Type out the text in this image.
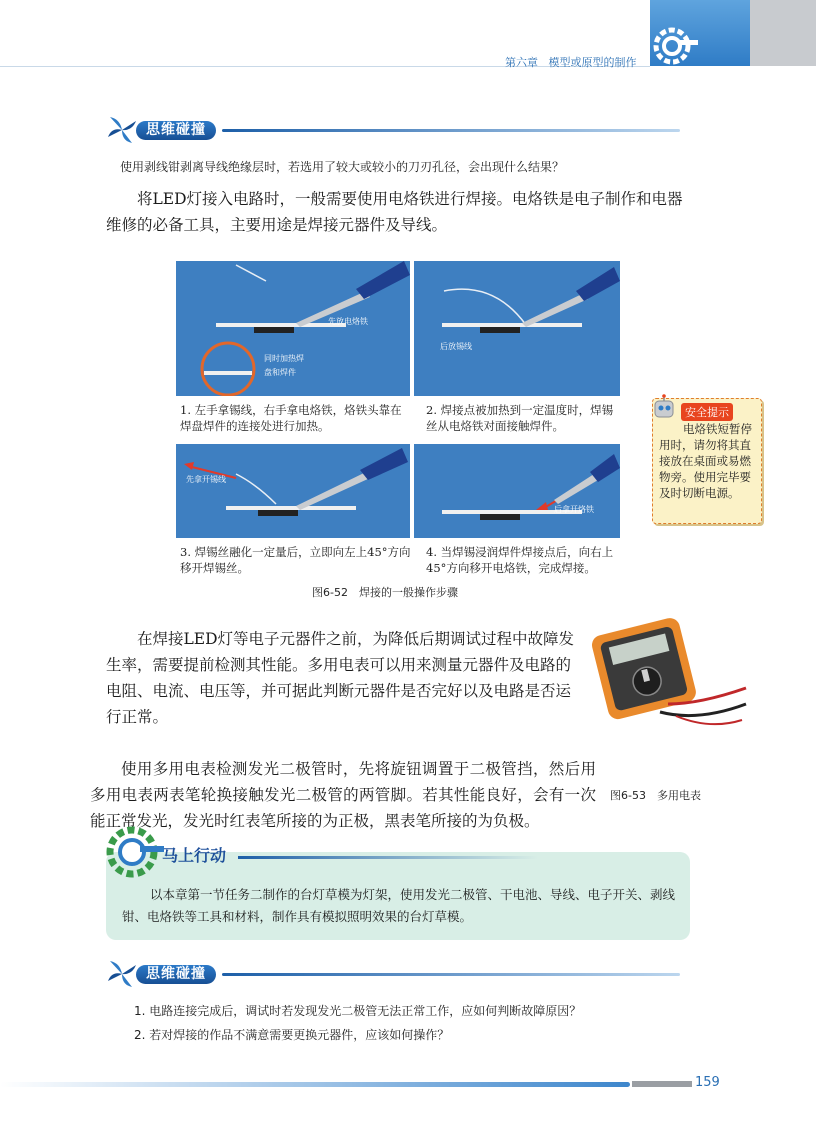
第六章 模型或原型的制作
思维碰撞
使用剥线钳剥离导线绝缘层时，若选用了较大或较小的刀刃孔径，会出现什么结果？

将LED灯接入电路时，一般需要使用电烙铁进行焊接。电烙铁是电子制作和电器维修的必备工具，主要用途是焊接元器件及导线。

先放电烙铁
同时加热焊
盘和焊件
后放锡线
1. 左手拿锡线，右手拿电烙铁，烙铁头靠在焊盘焊件的连接处进行加热。
2. 焊接点被加热到一定温度时，焊锡丝从电烙铁对面接触焊件。
先拿开锡线
后拿开烙铁
3. 焊锡丝融化一定量后，立即向左上45°方向移开焊锡丝。
4. 当焊锡浸润焊件焊接点后，向右上45°方向移开电烙铁，完成焊接。
图6-52　焊接的一般操作步骤
安全提示
电烙铁短暂停用时，请勿将其直接放在桌面或易燃物旁。使用完毕要及时切断电源。

在焊接LED灯等电子元器件之前，为降低后期调试过程中故障发生率，需要提前检测其性能。多用电表可以用来测量元器件及电路的电阻、电流、电压等，并可据此判断元器件是否完好以及电路是否运行正常。

使用多用电表检测发光二极管时，先将旋钮调置于二极管挡，然后用多用电表两表笔轮换接触发光二极管的两管脚。若其性能良好，会有一次能正常发光，发光时红表笔所接的为正极，黑表笔所接的为负极。

图6-53　多用电表
马上行动

以本章第一节任务二制作的台灯草模为灯架，使用发光二极管、干电池、导线、电子开关、剥线钳、电烙铁等工具和材料，制作具有模拟照明效果的台灯草模。

思维碰撞
1. 电路连接完成后，调试时若发现发光二极管无法正常工作，应如何判断故障原因？
2. 若对焊接的作品不满意需要更换元器件，应该如何操作？
159
